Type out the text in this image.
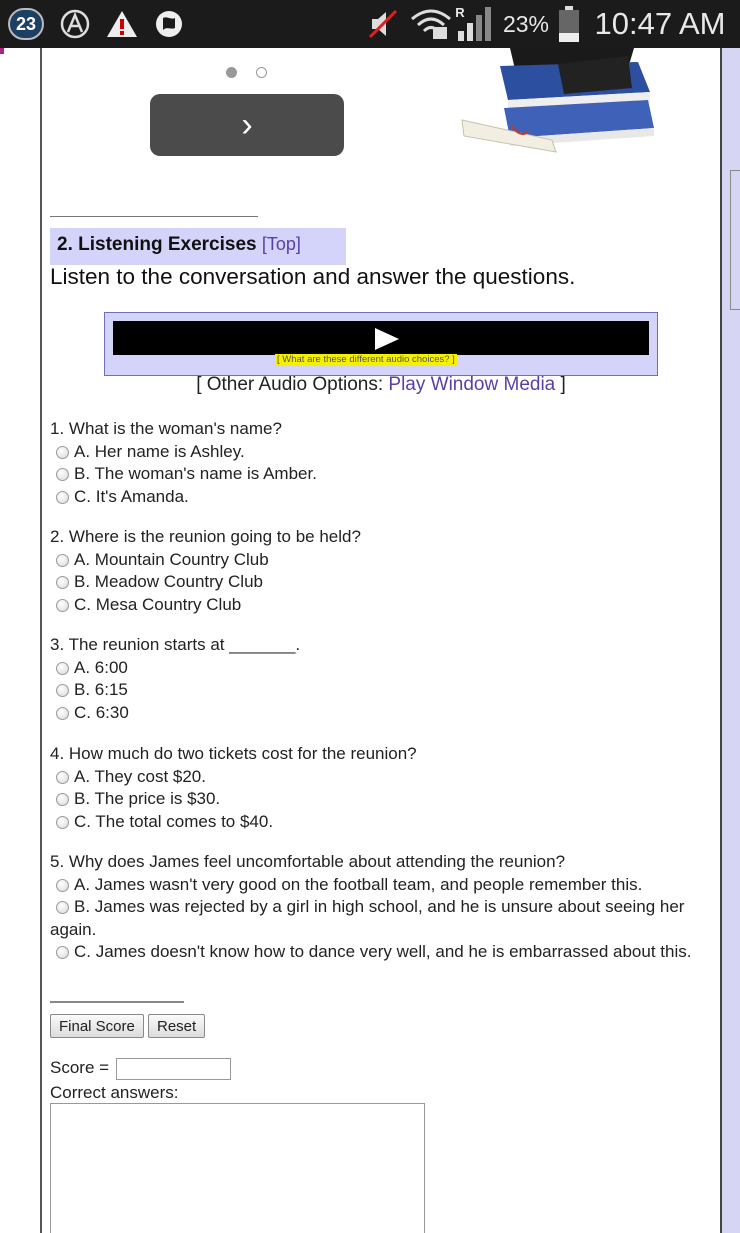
23
R 23% 10:47 AM
›
2. Listening Exercises [Top]
Listen to the conversation and answer the questions.
[ What are these different audio choices? ]
[ Other Audio Options: Play Window Media ]
1. What is the woman's name?
A. Her name is Ashley.
B. The woman's name is Amber.
C. It's Amanda.
2. Where is the reunion going to be held?
A. Mountain Country Club
B. Meadow Country Club
C. Mesa Country Club
3. The reunion starts at _______.
A. 6:00
B. 6:15
C. 6:30
4. How much do two tickets cost for the reunion?
A. They cost $20.
B. The price is $30.
C. The total comes to $40.
5. Why does James feel uncomfortable about attending the reunion?
A. James wasn't very good on the football team, and people remember this.
B. James was rejected by a girl in high school, and he is unsure about seeing her again.
C. James doesn't know how to dance very well, and he is embarrassed about this.
Final Score	Reset
Score =
Correct answers:
